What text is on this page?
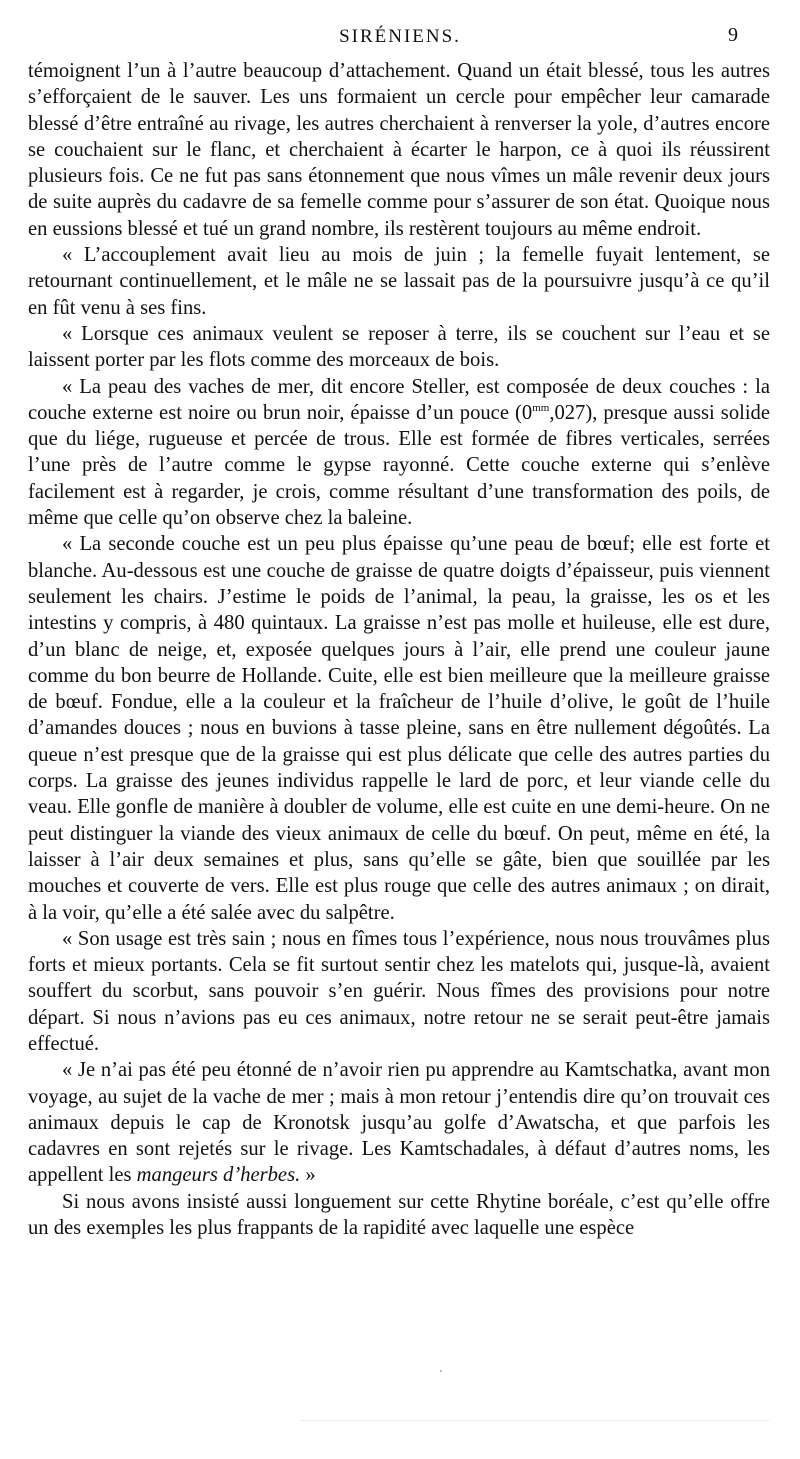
SIRÉNIENS.	9

témoignent l’un à l’autre beaucoup d’attachement. Quand un était blessé, tous les autres s’efforçaient de le sauver. Les uns formaient un cercle pour empêcher leur camarade blessé d’être entraîné au rivage, les autres cherchaient à renverser la yole, d’autres encore se couchaient sur le flanc, et cherchaient à écarter le harpon, ce à quoi ils réussirent plusieurs fois. Ce ne fut pas sans étonnement que nous vîmes un mâle revenir deux jours de suite auprès du cadavre de sa femelle comme pour s’assurer de son état. Quoique nous en eussions blessé et tué un grand nombre, ils restèrent toujours au même endroit.

« L’accouplement avait lieu au mois de juin ; la femelle fuyait lentement, se retournant continuellement, et le mâle ne se lassait pas de la poursuivre jusqu’à ce qu’il en fût venu à ses fins.

« Lorsque ces animaux veulent se reposer à terre, ils se couchent sur l’eau et se laissent porter par les flots comme des morceaux de bois.

« La peau des vaches de mer, dit encore Steller, est composée de deux couches : la couche externe est noire ou brun noir, épaisse d’un pouce $(0^{mm},027)$, presque aussi solide que du liége, rugueuse et percée de trous. Elle est formée de fibres verticales, serrées l’une près de l’autre comme le gypse rayonné. Cette couche externe qui s’enlève facilement est à regarder, je crois, comme résultant d’une transformation des poils, de même que celle qu’on observe chez la baleine.

« La seconde couche est un peu plus épaisse qu’une peau de bœuf; elle est forte et blanche. Au-dessous est une couche de graisse de quatre doigts d’épaisseur, puis viennent seulement les chairs. J’estime le poids de l’animal, la peau, la graisse, les os et les intestins y compris, à 480 quintaux. La graisse n’est pas molle et huileuse, elle est dure, d’un blanc de neige, et, exposée quelques jours à l’air, elle prend une couleur jaune comme du bon beurre de Hollande. Cuite, elle est bien meilleure que la meilleure graisse de bœuf. Fondue, elle a la couleur et la fraîcheur de l’huile d’olive, le goût de l’huile d’amandes douces ; nous en buvions à tasse pleine, sans en être nullement dégoûtés. La queue n’est presque que de la graisse qui est plus délicate que celle des autres parties du corps. La graisse des jeunes individus rappelle le lard de porc, et leur viande celle du veau. Elle gonfle de manière à doubler de volume, elle est cuite en une demi-heure. On ne peut distinguer la viande des vieux animaux de celle du bœuf. On peut, même en été, la laisser à l’air deux semaines et plus, sans qu’elle se gâte, bien que souillée par les mouches et couverte de vers. Elle est plus rouge que celle des autres animaux ; on dirait, à la voir, qu’elle a été salée avec du salpêtre.

« Son usage est très sain ; nous en fîmes tous l’expérience, nous nous trouvâmes plus forts et mieux portants. Cela se fit surtout sentir chez les matelots qui, jusque-là, avaient souffert du scorbut, sans pouvoir s’en guérir. Nous fîmes des provisions pour notre départ. Si nous n’avions pas eu ces animaux, notre retour ne se serait peut-être jamais effectué.

« Je n’ai pas été peu étonné de n’avoir rien pu apprendre au Kamtschatka, avant mon voyage, au sujet de la vache de mer ; mais à mon retour j’entendis dire qu’on trouvait ces animaux depuis le cap de Kronotsk jusqu’au golfe d’Awatscha, et que parfois les cadavres en sont rejetés sur le rivage. Les Kamtschadales, à défaut d’autres noms, les appellent les mangeurs d’herbes. »

Si nous avons insisté aussi longuement sur cette Rhytine boréale, c’est qu’elle offre un des exemples les plus frappants de la rapidité avec laquelle une espèce
